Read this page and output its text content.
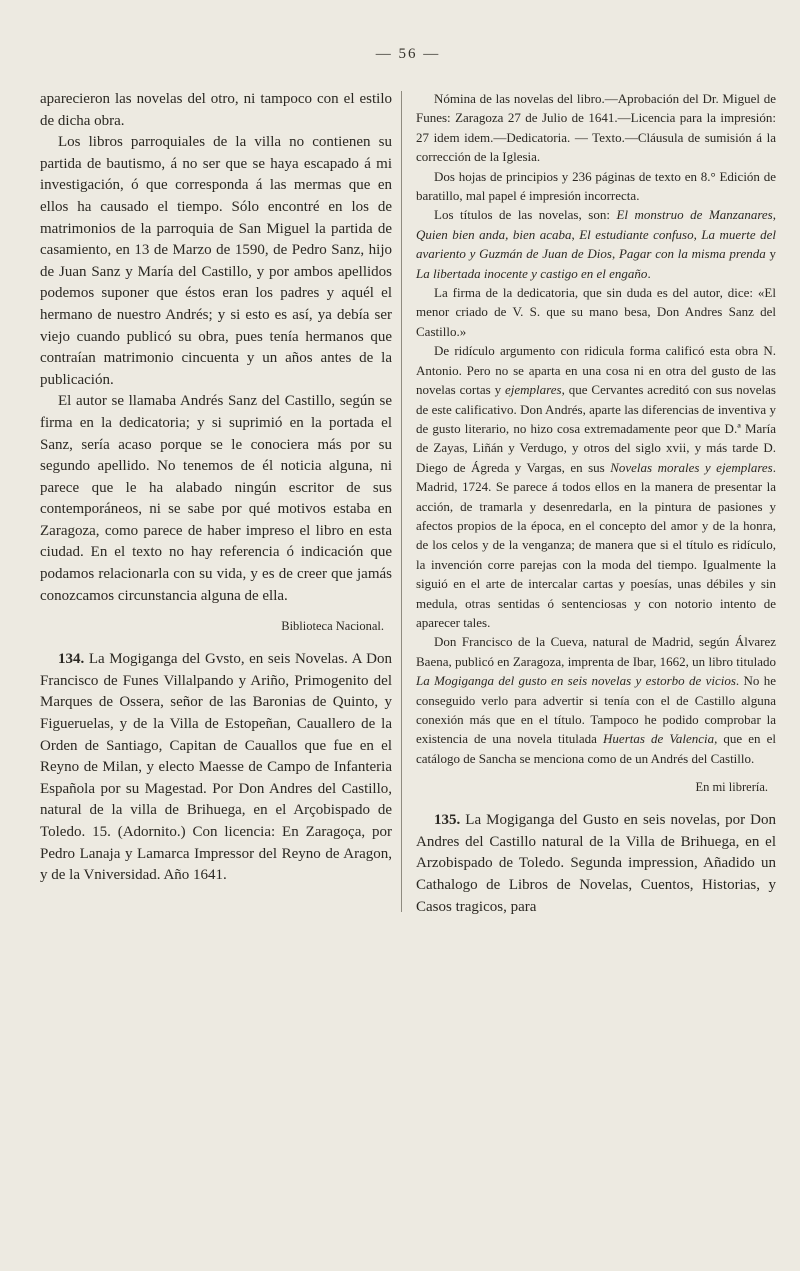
— 56 —

aparecieron las novelas del otro, ni tampoco con el estilo de dicha obra.

Los libros parroquiales de la villa no contienen su partida de bautismo, á no ser que se haya escapado á mi investigación, ó que corresponda á las mermas que en ellos ha causado el tiempo. Sólo encontré en los de matrimonios de la parroquia de San Miguel la partida de casamiento, en 13 de Marzo de 1590, de Pedro Sanz, hijo de Juan Sanz y María del Castillo, y por ambos apellidos podemos suponer que éstos eran los padres y aquél el hermano de nuestro Andrés; y si esto es así, ya debía ser viejo cuando publicó su obra, pues tenía hermanos que contraían matrimonio cincuenta y un años antes de la publicación.

El autor se llamaba Andrés Sanz del Castillo, según se firma en la dedicatoria; y si suprimió en la portada el Sanz, sería acaso porque se le conociera más por su segundo apellido. No tenemos de él noticia alguna, ni parece que le ha alabado ningún escritor de sus contemporáneos, ni se sabe por qué motivos estaba en Zaragoza, como parece de haber impreso el libro en esta ciudad. En el texto no hay referencia ó indicación que podamos relacionarla con su vida, y es de creer que jamás conozcamos circunstancia alguna de ella.

Biblioteca Nacional.

134. La Mogiganga del Gvsto, en seis Novelas. A Don Francisco de Funes Villalpando y Ariño, Primogenito del Marques de Ossera, señor de las Baronias de Quinto, y Figueruelas, y de la Villa de Estopeñan, Cauallero de la Orden de Santiago, Capitan de Cauallos que fue en el Reyno de Milan, y electo Maesse de Campo de Infanteria Española por su Magestad. Por Don Andres del Castillo, natural de la villa de Brihuega, en el Arçobispado de Toledo. 15. (Adornito.) Con licencia: En Zaragoça, por Pedro Lanaja y Lamarca Impressor del Reyno de Aragon, y de la Vniversidad. Año 1641.

Nómina de las novelas del libro.—Aprobación del Dr. Miguel de Funes: Zaragoza 27 de Julio de 1641.—Licencia para la impresión: 27 idem idem.—Dedicatoria. — Texto.—Cláusula de sumisión á la corrección de la Iglesia.

Dos hojas de principios y 236 páginas de texto en 8.° Edición de baratillo, mal papel é impresión incorrecta.

Los títulos de las novelas, son: El monstruo de Manzanares, Quien bien anda, bien acaba, El estudiante confuso, La muerte del avariento y Guzmán de Juan de Dios, Pagar con la misma prenda y La libertada inocente y castigo en el engaño.

La firma de la dedicatoria, que sin duda es del autor, dice: «El menor criado de V. S. que su mano besa, Don Andres Sanz del Castillo.»

De ridículo argumento con ridicula forma calificó esta obra N. Antonio. Pero no se aparta en una cosa ni en otra del gusto de las novelas cortas y ejemplares, que Cervantes acreditó con sus novelas de este calificativo. Don Andrés, aparte las diferencias de inventiva y de gusto literario, no hizo cosa extremadamente peor que D.ª María de Zayas, Liñán y Verdugo, y otros del siglo xvii, y más tarde D. Diego de Ágreda y Vargas, en sus Novelas morales y ejemplares. Madrid, 1724. Se parece á todos ellos en la manera de presentar la acción, de tramarla y desenredarla, en la pintura de pasiones y afectos propios de la época, en el concepto del amor y de la honra, de los celos y de la venganza; de manera que si el título es ridículo, la invención corre parejas con la moda del tiempo. Igualmente la siguió en el arte de intercalar cartas y poesías, unas débiles y sin medula, otras sentidas ó sentenciosas y con notorio intento de aparecer tales.

Don Francisco de la Cueva, natural de Madrid, según Álvarez Baena, publicó en Zaragoza, imprenta de Ibar, 1662, un libro titulado La Mogiganga del gusto en seis novelas y estorbo de vicios. No he conseguido verlo para advertir si tenía con el de Castillo alguna conexión más que en el título. Tampoco he podido comprobar la existencia de una novela titulada Huertas de Valencia, que en el catálogo de Sancha se menciona como de un Andrés del Castillo.

En mi librería.

135. La Mogiganga del Gusto en seis novelas, por Don Andres del Castillo natural de la Villa de Brihuega, en el Arzobispado de Toledo. Segunda impression, Añadido un Cathalogo de Libros de Novelas, Cuentos, Historias, y Casos tragicos, para
